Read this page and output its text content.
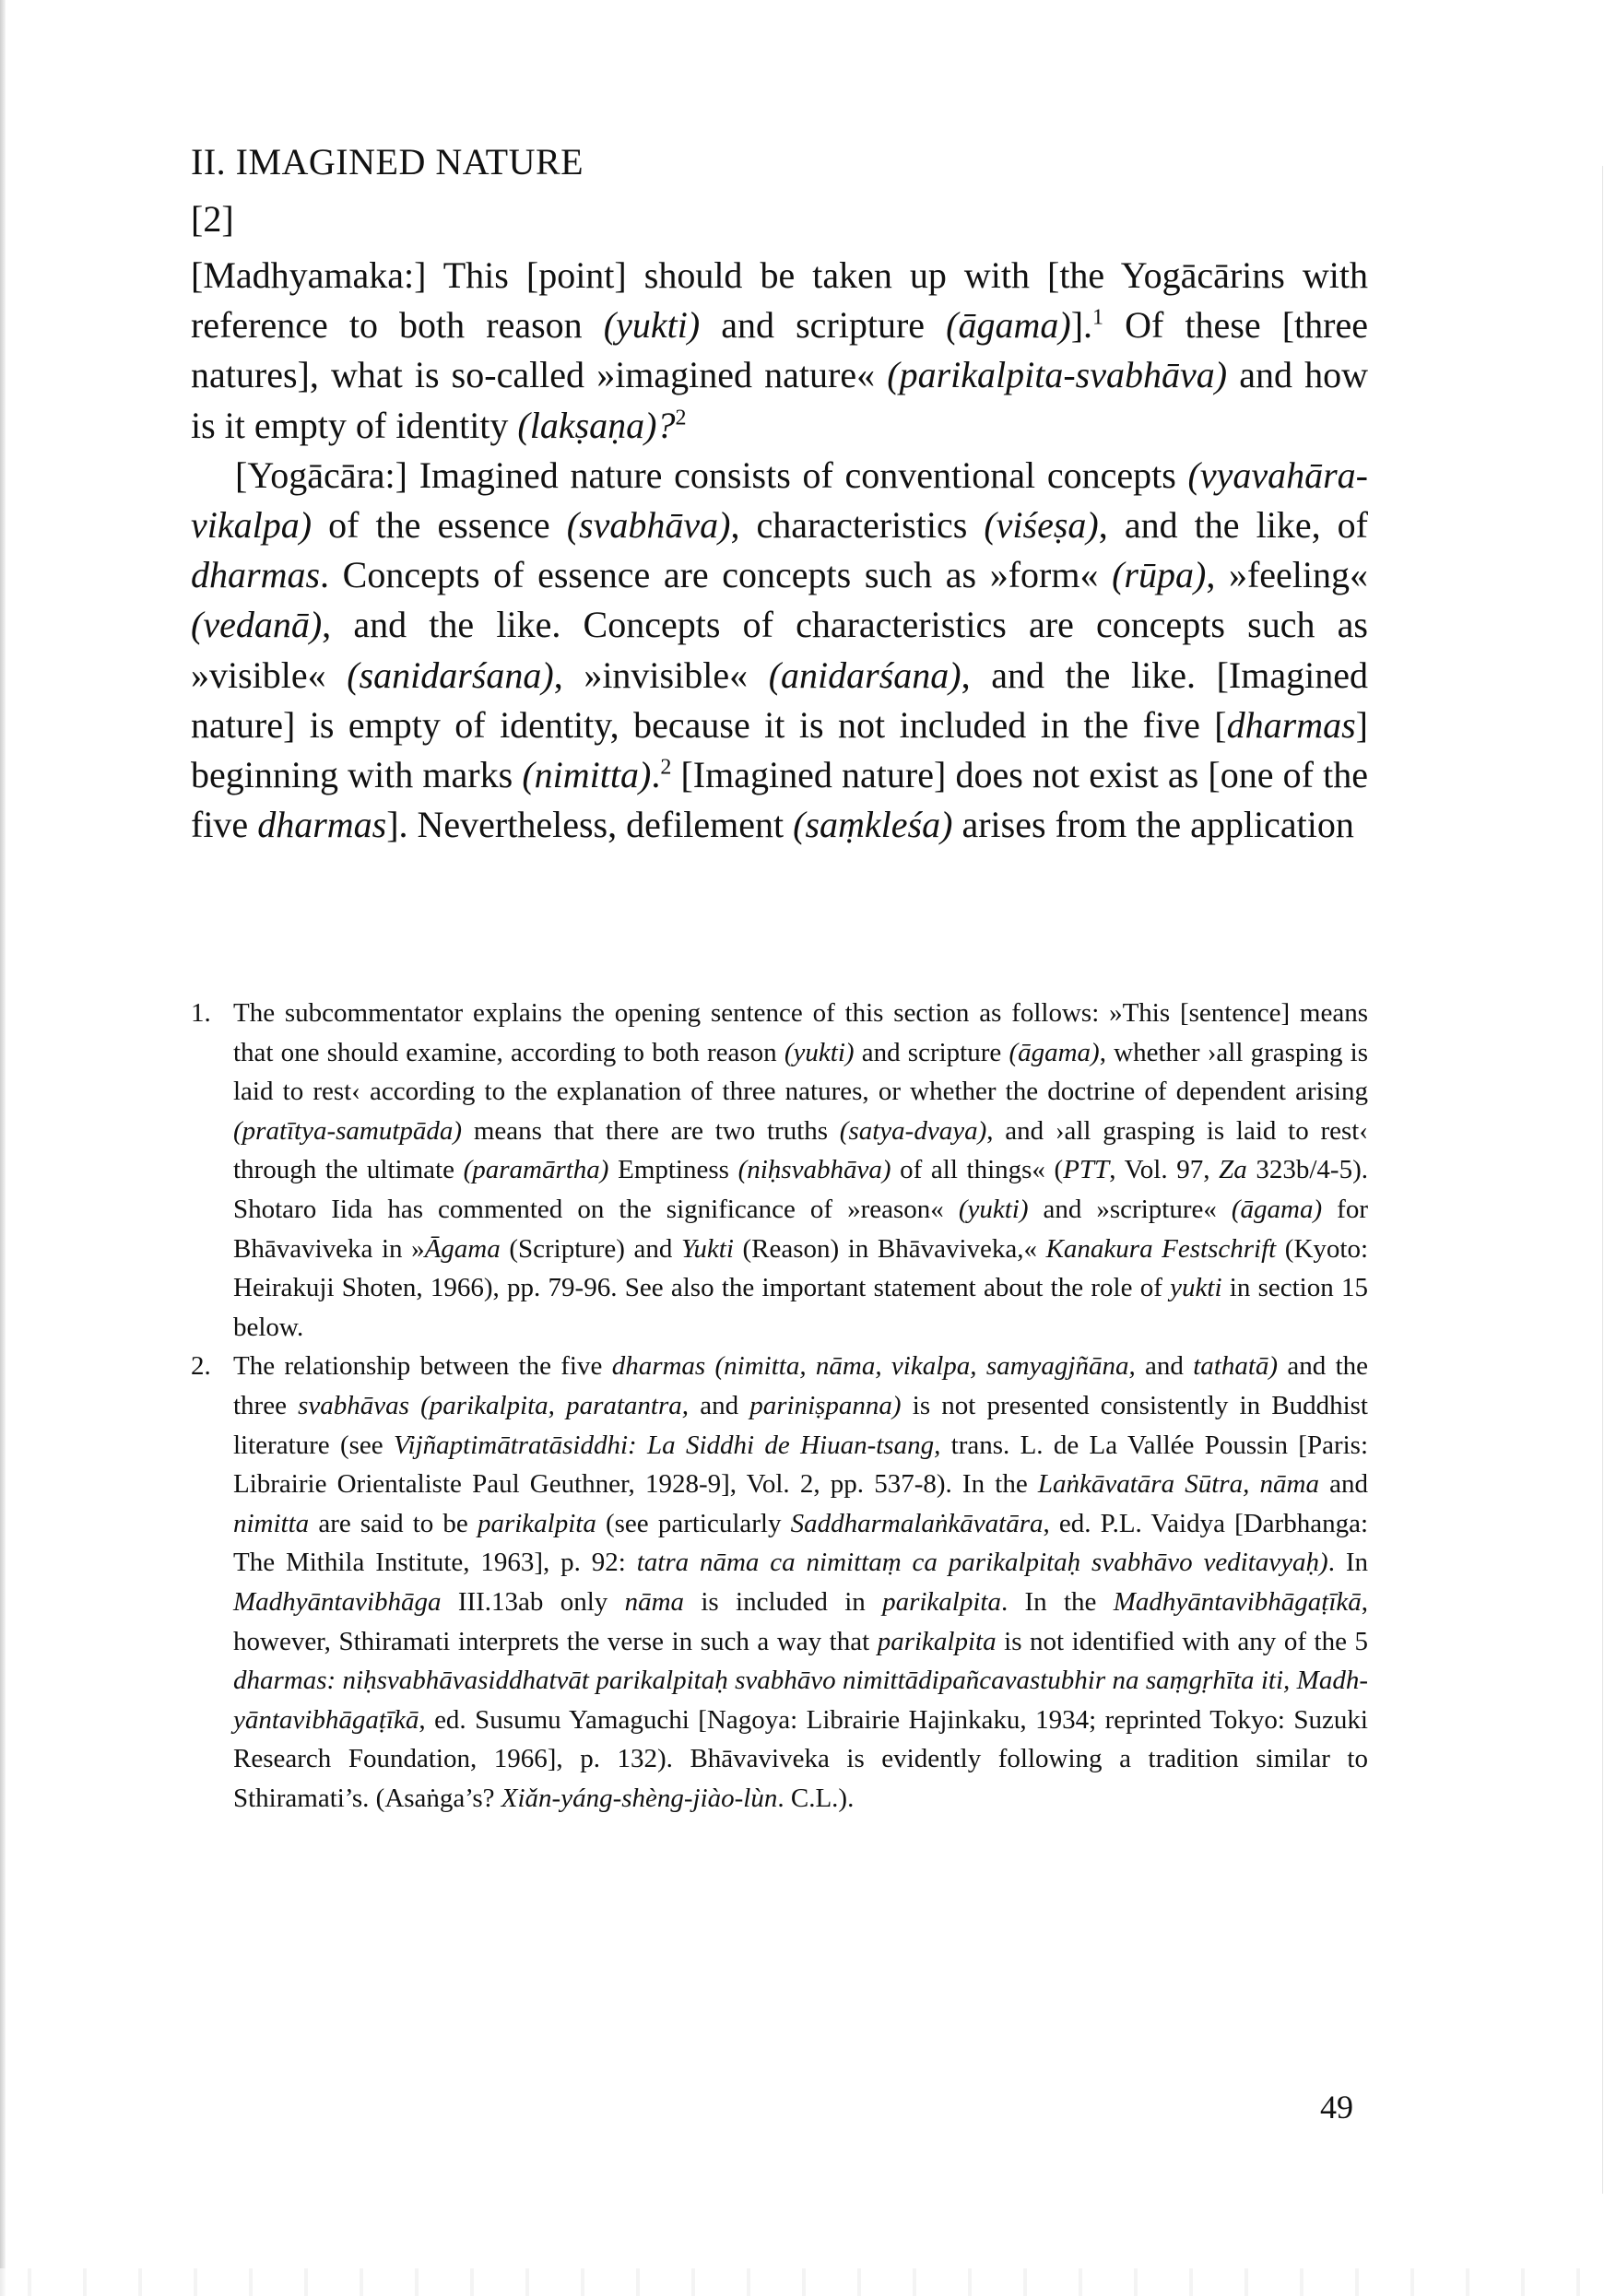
II. IMAGINED NATURE
[2]

[Madhyamaka:] This [point] should be taken up with [the Yogācārins with reference to both reason (yukti) and scripture (āgama)].$^1$ Of these [three natures], what is so-called »imagined nature« (parikalpita-svabhāva) and how is it empty of identity (lakṣaṇa)?$^2$

[Yogācāra:] Imagined nature consists of conventional concepts (vyavahāra-vikalpa) of the essence (svabhāva), characteristics (viśeṣa), and the like, of dharmas. Concepts of essence are concepts such as »form« (rūpa), »feeling« (vedanā), and the like. Concepts of characteristics are concepts such as »visible« (sanidarśana), »invisible« (anidarśana), and the like. [Imagined nature] is empty of identity, because it is not included in the five [dharmas] beginning with marks (nimitta).$^2$ [Imagined nature] does not exist as [one of the five dharmas]. Nevertheless, defilement (saṃkleśa) arises from the application

1. The subcommentator explains the opening sentence of this section as follows: »This [sentence] means that one should examine, according to both reason (yukti) and scripture (āgama), whether ›all grasping is laid to rest‹ according to the explanation of three natures, or whether the doctrine of dependent arising (pratītya-samutpāda) means that there are two truths (satya-dvaya), and ›all grasping is laid to rest‹ through the ultimate (paramārtha) Emptiness (niḥsvabhāva) of all things« (PTT, Vol. 97, Za 323b/4-5). Shotaro Iida has commented on the significance of »reason« (yukti) and »scripture« (āgama) for Bhāvaviveka in »Āgama (Scripture) and Yukti (Reason) in Bhāvaviveka,« Kanakura Festschrift (Kyoto: Heirakuji Shoten, 1966), pp. 79-96. See also the important statement about the role of yukti in section 15 below.
2. The relationship between the five dharmas (nimitta, nāma, vikalpa, samyagjñāna, and tathatā) and the three svabhāvas (parikalpita, paratantra, and pariniṣpanna) is not presented consistently in Buddhist literature (see Vijñaptimātratāsiddhi: La Siddhi de Hiuan-tsang, trans. L. de La Vallée Poussin [Paris: Librairie Orientaliste Paul Geuthner, 1928-9], Vol. 2, pp. 537-8). In the Laṅkāvatāra Sūtra, nāma and nimitta are said to be parikalpita (see particularly Saddharmalaṅkāvatāra, ed. P.L. Vaidya [Darbhanga: The Mithila Institute, 1963], p. 92: tatra nāma ca nimittaṃ ca parikalpitaḥ svabhāvo veditavyaḥ). In Madhyāntavibhāga III.13ab only nāma is included in parikalpita. In the Madhyāntavibhāgaṭīkā, however, Sthiramati interprets the verse in such a way that parikalpita is not identified with any of the 5 dharmas: niḥsvabhāvasiddhatvāt parikalpitaḥ svabhāvo nimittādipañcavastubhir na saṃgṛhīta iti, Madhyāntavibhāgaṭīkā, ed. Susumu Yamaguchi [Nagoya: Librairie Hajinkaku, 1934; reprinted Tokyo: Suzuki Research Foundation, 1966], p. 132). Bhāvaviveka is evidently following a tradition similar to Sthiramati’s. (Asaṅga’s? Xiǎn-yáng-shèng-jiào-lùn. C.L.).
49
